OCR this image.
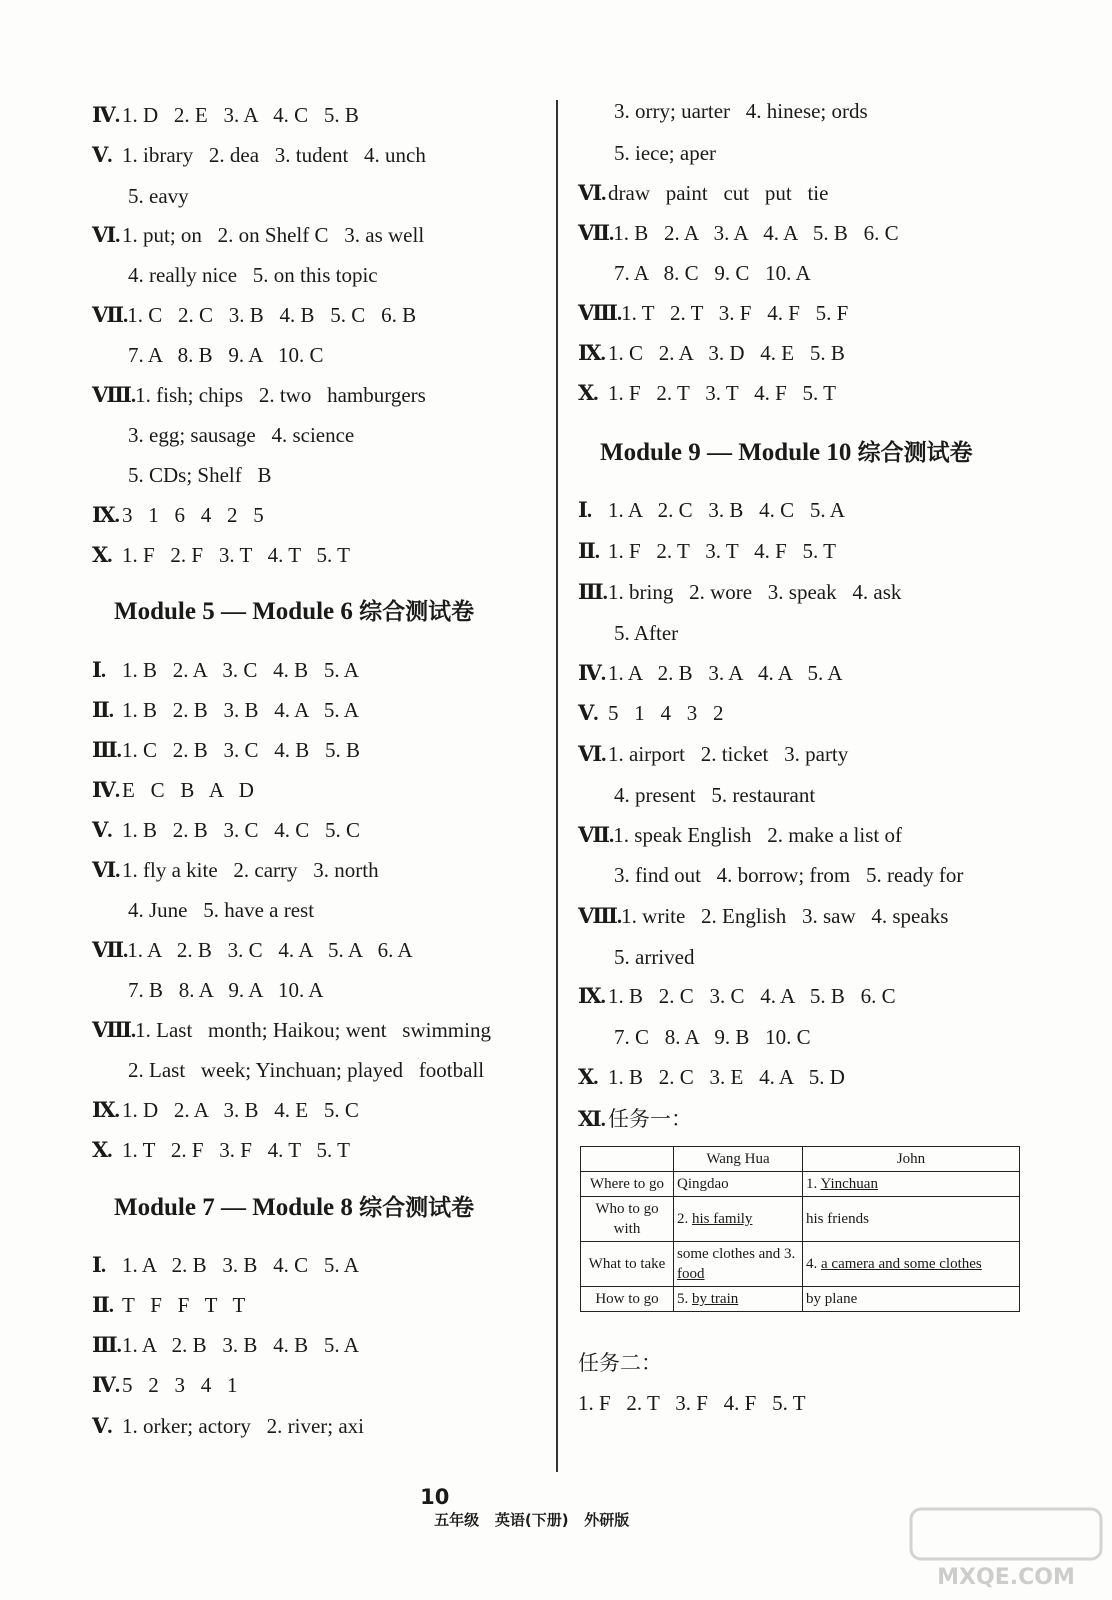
Ⅳ. 1. D   2. E   3. A   4. C   5. B
Ⅴ. 1. ibrary   2. dea   3. tudent   4. unch
5. eavy
Ⅵ. 1. put; on   2. on Shelf C   3. as well
4. really nice   5. on this topic
Ⅶ.1. C   2. C   3. B   4. B   5. C   6. B
7. A   8. B   9. A   10. C
Ⅷ.1. fish; chips   2. two   hamburgers
3. egg; sausage   4. science
5. CDs; Shelf   B
Ⅸ. 3   1   6   4   2   5
Ⅹ. 1. F   2. F   3. T   4. T   5. T
Ⅰ. 1. B   2. A   3. C   4. B   5. A
Ⅱ. 1. B   2. B   3. B   4. A   5. A
Ⅲ.1. C   2. B   3. C   4. B   5. B
Ⅳ. E   C   B   A   D
Ⅴ. 1. B   2. B   3. C   4. C   5. C
Ⅵ. 1. fly a kite   2. carry   3. north
4. June   5. have a rest
Ⅶ.1. A   2. B   3. C   4. A   5. A   6. A
7. B   8. A   9. A   10. A
Ⅷ.1. Last   month; Haikou; went   swimming
2. Last   week; Yinchuan; played   football
Ⅸ. 1. D   2. A   3. B   4. E   5. C
Ⅹ. 1. T   2. F   3. F   4. T   5. T
Ⅰ. 1. A   2. B   3. B   4. C   5. A
Ⅱ. T   F   F   T   T
Ⅲ.1. A   2. B   3. B   4. B   5. A
Ⅳ. 5   2   3   4   1
Ⅴ. 1. orker; actory   2. river; axi
Module 5 — Module 6 综合测试卷
Module 7 — Module 8 综合测试卷
3. orry; uarter   4. hinese; ords
5. iece; aper
Ⅵ. draw   paint   cut   put   tie
Ⅶ.1. B   2. A   3. A   4. A   5. B   6. C
7. A   8. C   9. C   10. A
Ⅷ.1. T   2. T   3. F   4. F   5. F
Ⅸ. 1. C   2. A   3. D   4. E   5. B
Ⅹ. 1. F   2. T   3. T   4. F   5. T
Ⅰ. 1. A   2. C   3. B   4. C   5. A
Ⅱ. 1. F   2. T   3. T   4. F   5. T
Ⅲ.1. bring   2. wore   3. speak   4. ask
5. After
Ⅳ. 1. A   2. B   3. A   4. A   5. A
Ⅴ. 5   1   4   3   2
Ⅵ. 1. airport   2. ticket   3. party
4. present   5. restaurant
Ⅶ.1. speak English   2. make a list of
3. find out   4. borrow; from   5. ready for
Ⅷ.1. write   2. English   3. saw   4. speaks
5. arrived
Ⅸ. 1. B   2. C   3. C   4. A   5. B   6. C
7. C   8. A   9. B   10. C
Ⅹ. 1. B   2. C   3. E   4. A   5. D
Ⅺ. 任务一：
任务二：
1. F   2. T   3. F   4. F   5. T
Module 9 — Module 10 综合测试卷
	Wang Hua	John
Where to go	Qingdao	1. Yinchuan
Who to go with	2. his family	his friends
What to take	some clothes and 3. food	4. a camera and some clothes
How to go	5. by train	by plane

10
五年级   英语(下册)   外研版

MXQE.COM
